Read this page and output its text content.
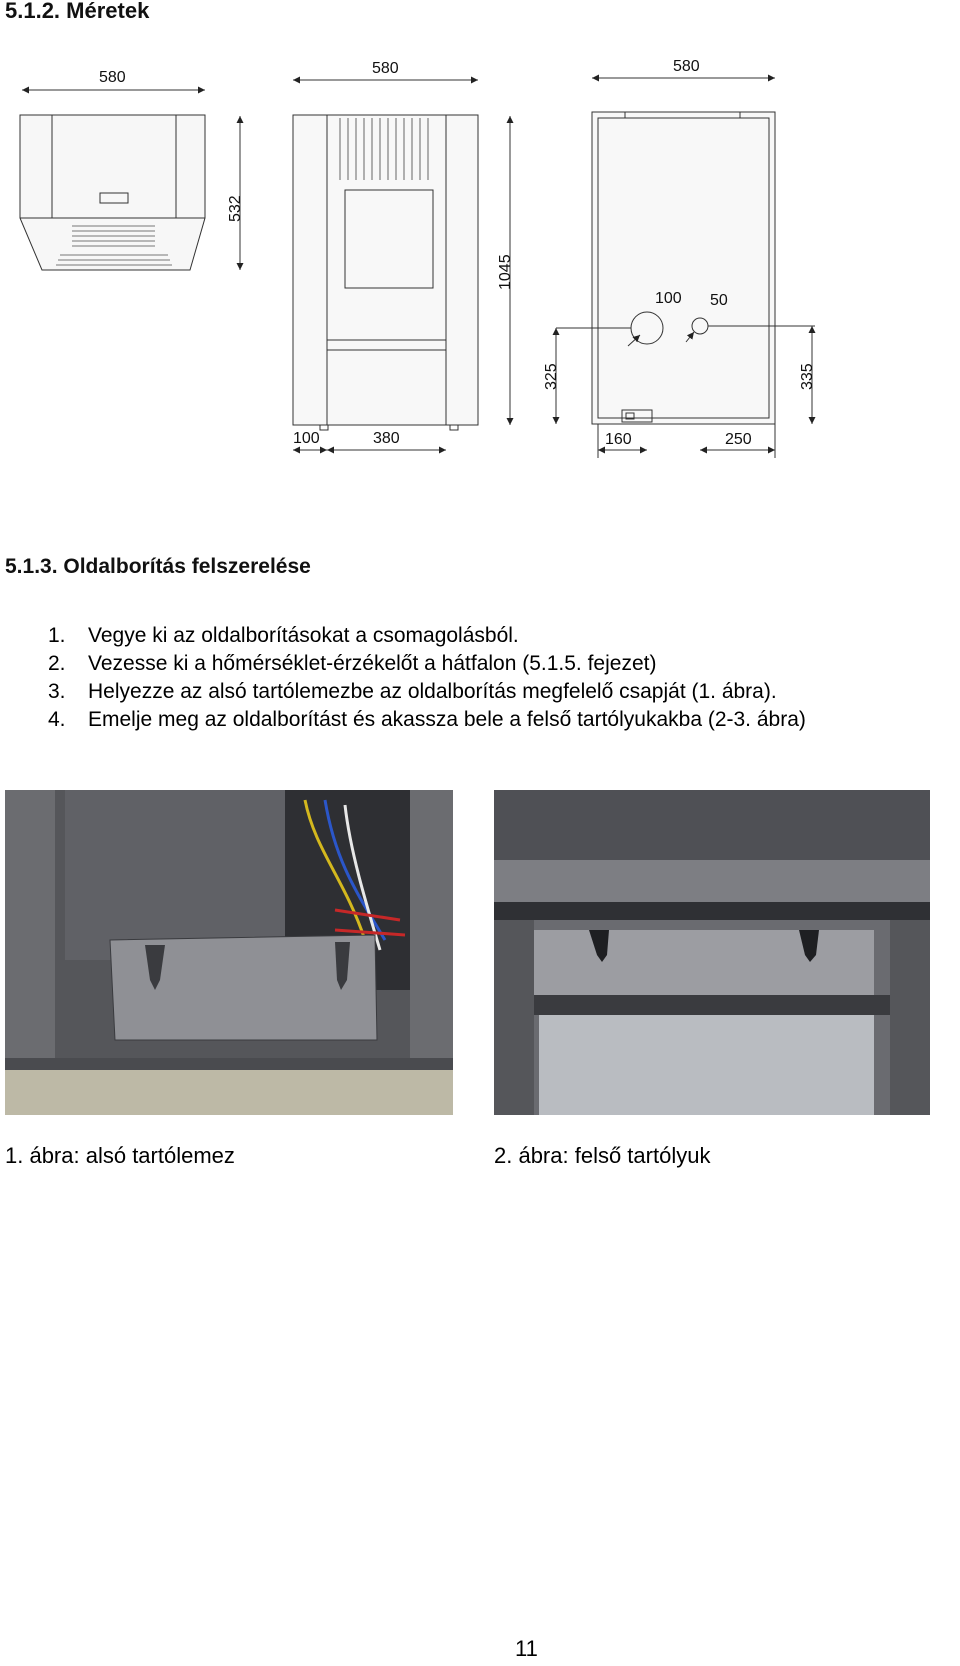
5.1.2. Méretek
580
532
580
1045
100	380
580
100 50
325	335
160	250
5.1.3. Oldalborítás felszerelése
1. Vegye ki az oldalborításokat a csomagolásból.
2. Vezesse ki a hőmérséklet-érzékelőt a hátfalon (5.1.5. fejezet)
3. Helyezze az alsó tartólemezbe az oldalborítás megfelelő csapját (1. ábra).
4. Emelje meg az oldalborítást és akassza bele a felső tartólyukakba (2-3. ábra)
1. ábra: alsó tartólemez	2. ábra: felső tartólyuk
11
